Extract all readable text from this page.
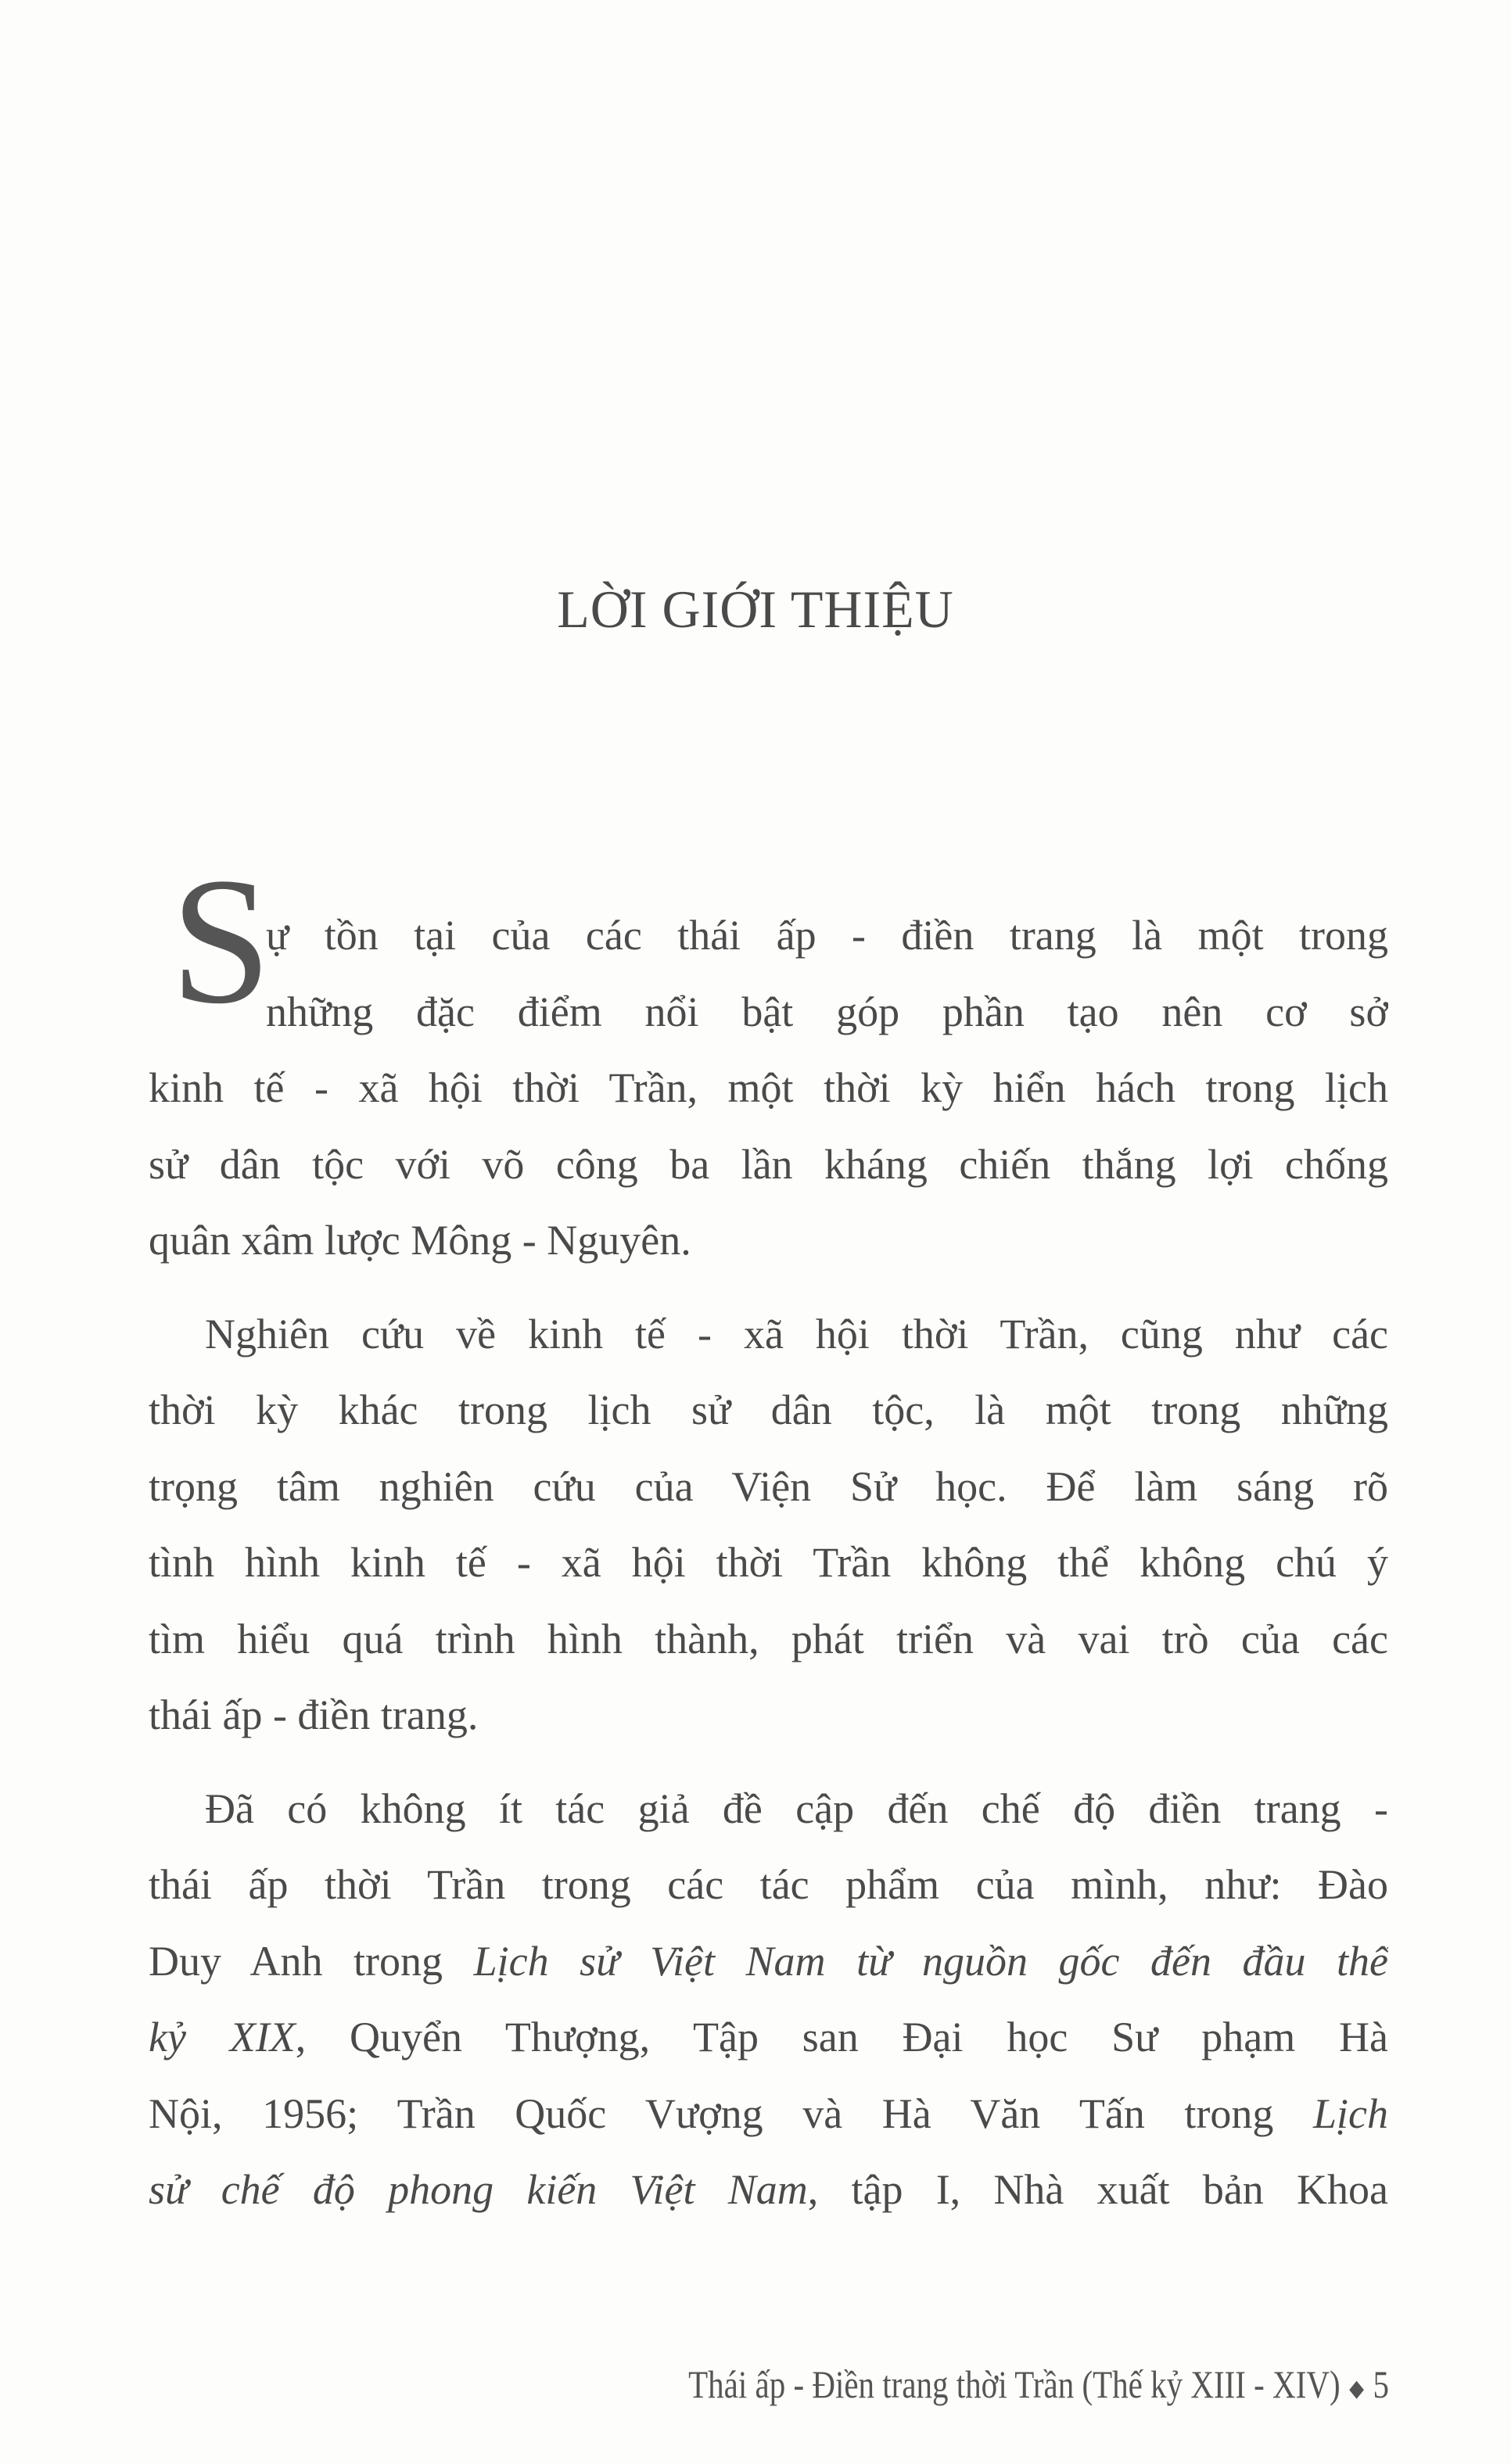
LỜI GIỚI THIỆU
S
ự tồn tại của các thái ấp - điền trang là một trong
những đặc điểm nổi bật góp phần tạo nên cơ sở
kinh tế - xã hội thời Trần, một thời kỳ hiển hách trong lịch
sử dân tộc với võ công ba lần kháng chiến thắng lợi chống
quân xâm lược Mông - Nguyên.
Nghiên cứu về kinh tế - xã hội thời Trần, cũng như các
thời kỳ khác trong lịch sử dân tộc, là một trong những
trọng tâm nghiên cứu của Viện Sử học. Để làm sáng rõ
tình hình kinh tế - xã hội thời Trần không thể không chú ý
tìm hiểu quá trình hình thành, phát triển và vai trò của các
thái ấp - điền trang.
Đã có không ít tác giả đề cập đến chế độ điền trang -
thái ấp thời Trần trong các tác phẩm của mình, như: Đào
Duy Anh trong Lịch sử Việt Nam từ nguồn gốc đến đầu thế
kỷ XIX, Quyển Thượng, Tập san Đại học Sư phạm Hà
Nội, 1956; Trần Quốc Vượng và Hà Văn Tấn trong Lịch
sử chế độ phong kiến Việt Nam, tập I, Nhà xuất bản Khoa
Thái ấp - Điền trang thời Trần (Thế kỷ XIII - XIV) ◆ 5
